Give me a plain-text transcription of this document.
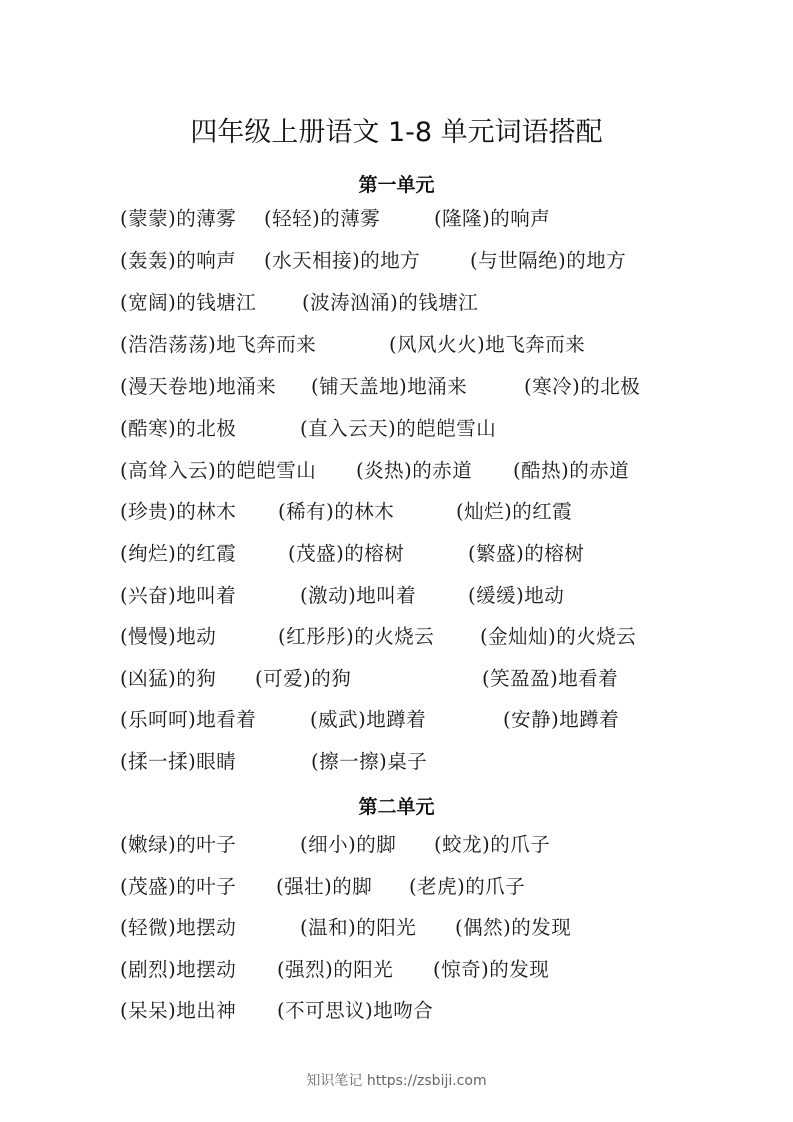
四年级上册语文 1-8 单元词语搭配
第一单元
(蒙蒙)的薄雾 (轻轻)的薄雾	(隆隆)的响声
(轰轰)的响声 (水天相接)的地方	(与世隔绝)的地方
(宽阔)的钱塘江 (波涛汹涌)的钱塘江
(浩浩荡荡)地飞奔而来	(风风火火)地飞奔而来
(漫天卷地)地涌来 (铺天盖地)地涌来	(寒冷)的北极
(酷寒)的北极	(直入云天)的皑皑雪山
(高耸入云)的皑皑雪山 (炎热)的赤道 (酷热)的赤道
(珍贵)的林木 (稀有)的林木	(灿烂)的红霞
(绚烂)的红霞	(茂盛)的榕树	(繁盛)的榕树
(兴奋)地叫着	(激动)地叫着	(缓缓)地动
(慢慢)地动	(红彤彤)的火烧云 (金灿灿)的火烧云
(凶猛)的狗 (可爱)的狗	(笑盈盈)地看着
(乐呵呵)地看着	(威武)地蹲着	(安静)地蹲着
(揉一揉)眼睛	(擦一擦)桌子
第二单元
(嫩绿)的叶子	(细小)的脚 (蛟龙)的爪子
(茂盛)的叶子 (强壮)的脚 (老虎)的爪子
(轻微)地摆动	(温和)的阳光 (偶然)的发现
(剧烈)地摆动 (强烈)的阳光 (惊奇)的发现
(呆呆)地出神 (不可思议)地吻合
知识笔记 https://zsbiji.com
